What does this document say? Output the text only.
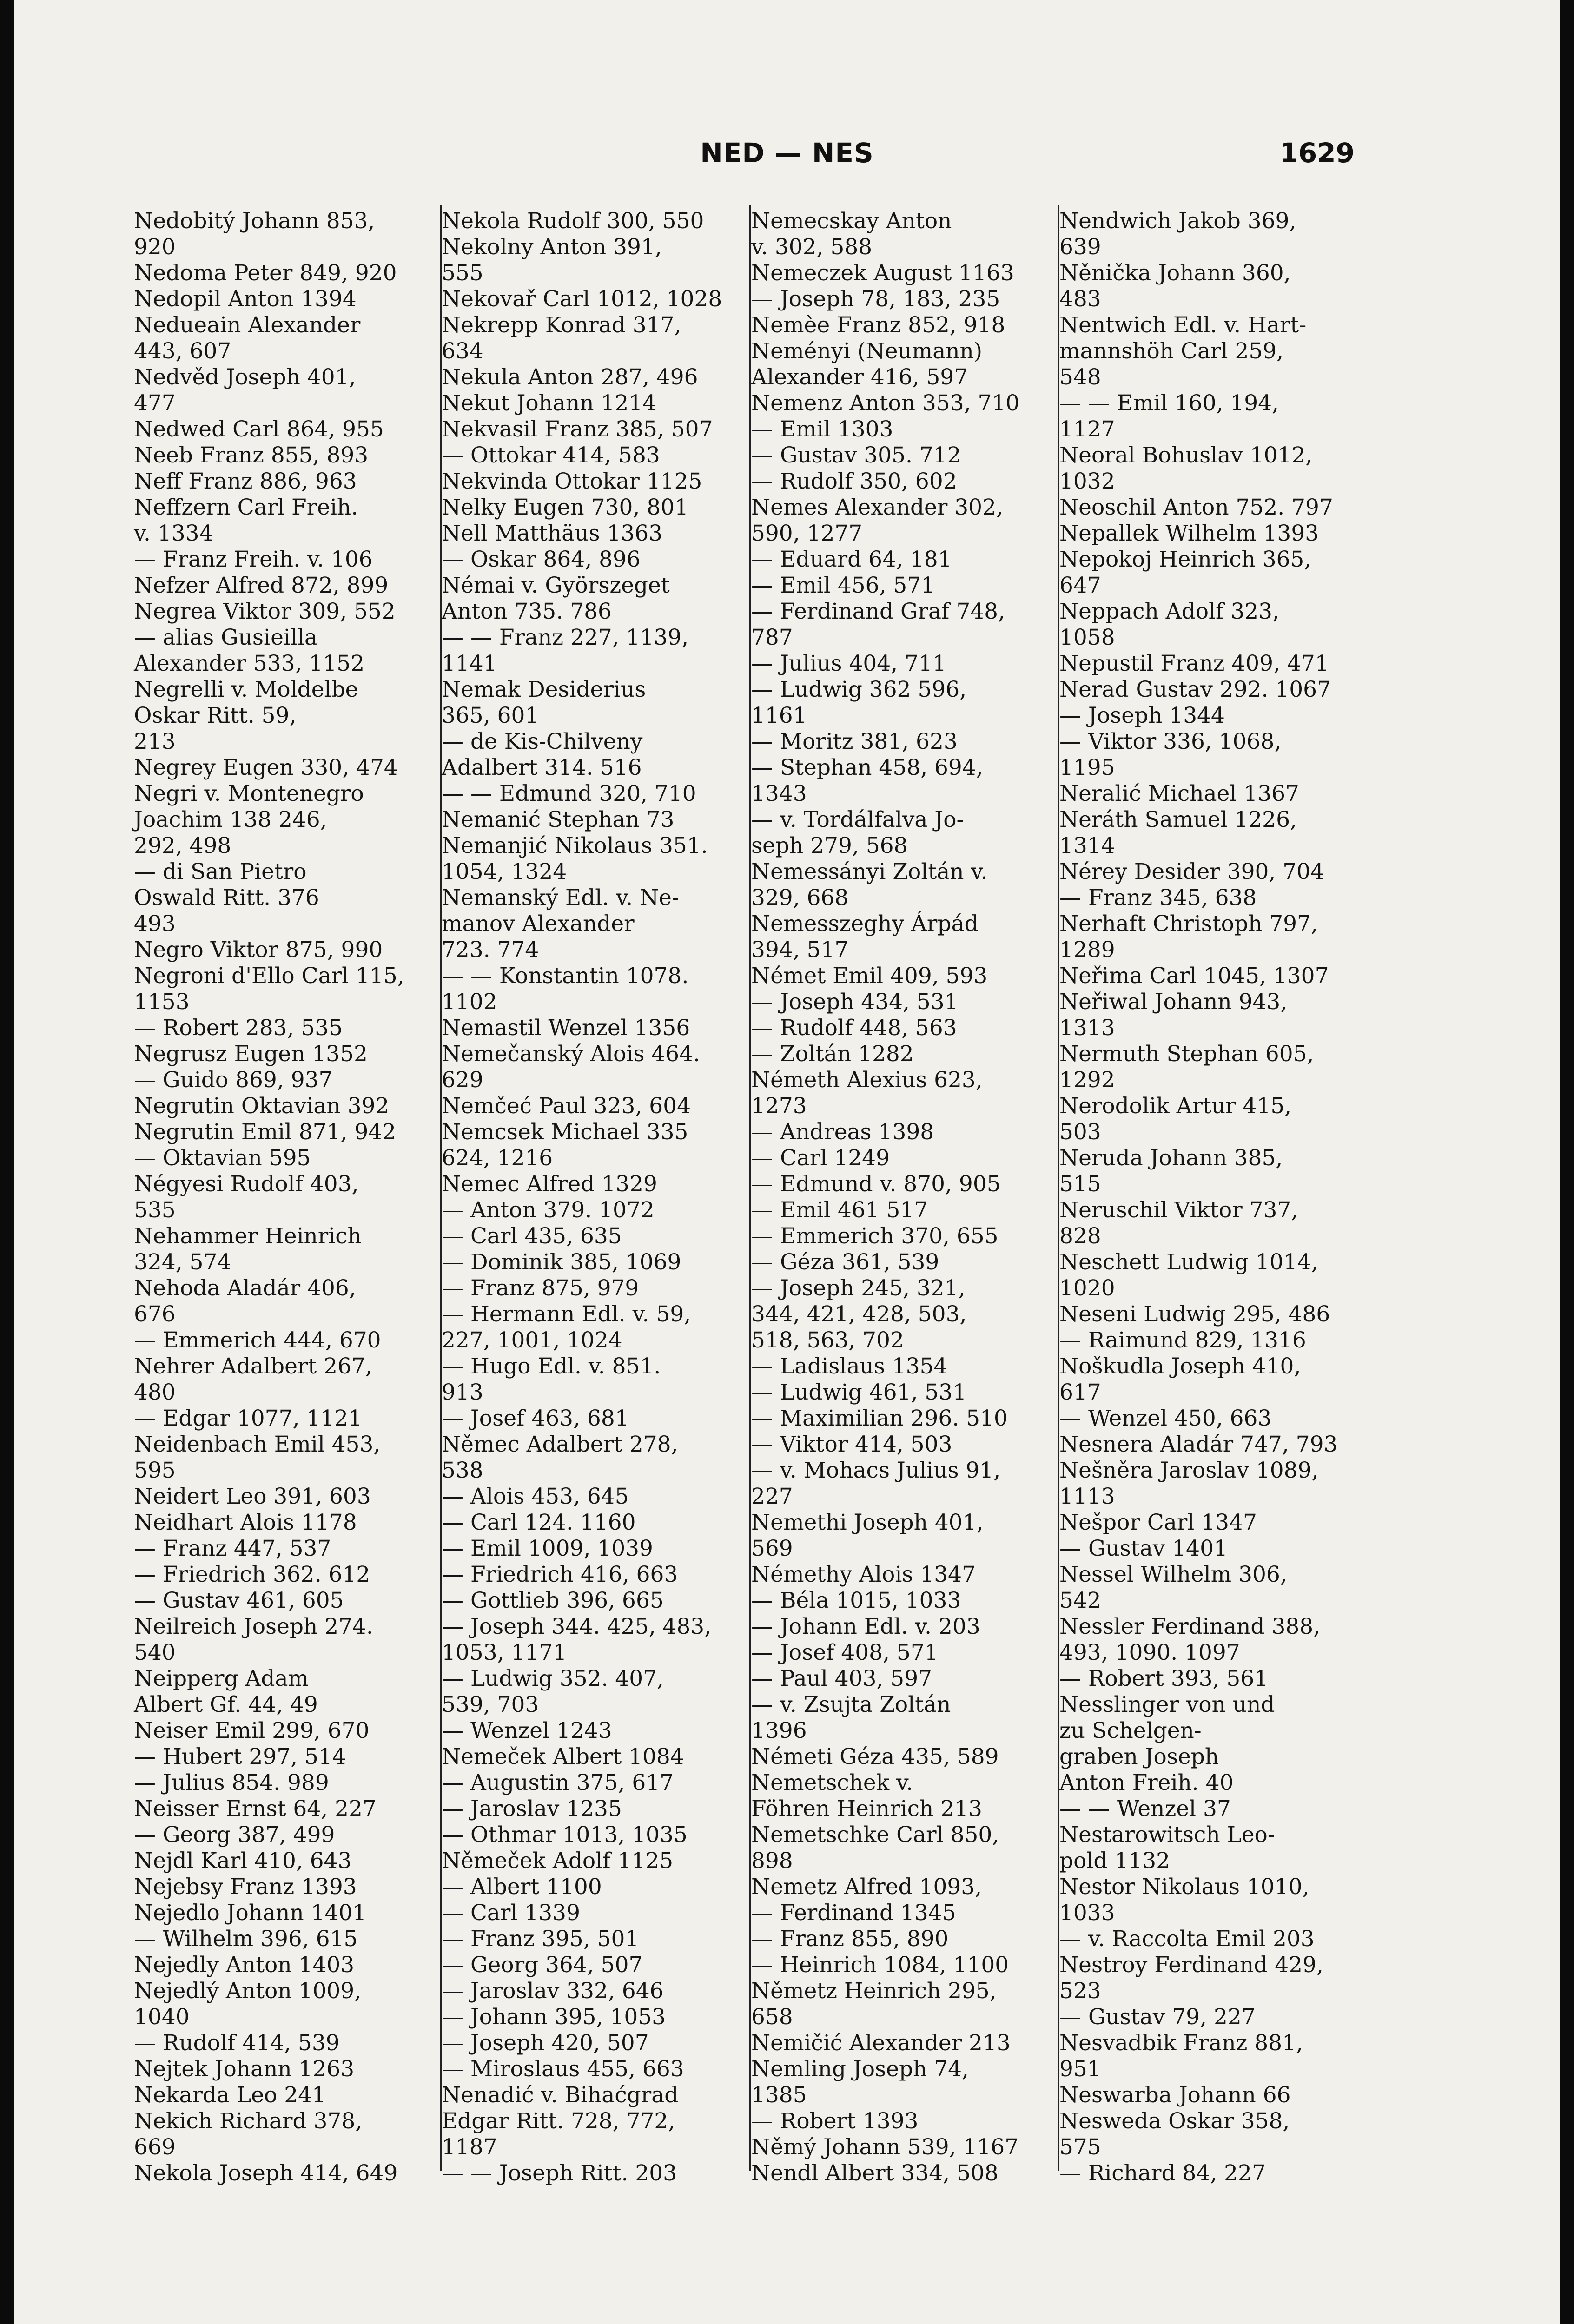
NED — NES	1629
Nedobitý Johann 853,
920
Nedoma Peter 849, 920
Nedopil Anton 1394
Nedueain Alexander
443, 607
Nedvěd Joseph 401,
477
Nedwed Carl 864, 955
Neeb Franz 855, 893
Neff Franz 886, 963
Neffzern Carl Freih.
v. 1334
— Franz Freih. v. 106
Nefzer Alfred 872, 899
Negrea Viktor 309, 552
— alias Gusieilla
Alexander 533, 1152
Negrelli v. Moldelbe
Oskar Ritt. 59,
213
Negrey Eugen 330, 474
Negri v. Montenegro
Joachim 138 246,
292, 498
— di San Pietro
Oswald Ritt. 376
493
Negro Viktor 875, 990
Negroni d'Ello Carl 115,
1153
— Robert 283, 535
Negrusz Eugen 1352
— Guido 869, 937
Negrutin Oktavian 392
Negrutin Emil 871, 942
— Oktavian 595
Négyesi Rudolf 403,
535
Nehammer Heinrich
324, 574
Nehoda Aladár 406,
676
— Emmerich 444, 670
Nehrer Adalbert 267,
480
— Edgar 1077, 1121
Neidenbach Emil 453,
595
Neidert Leo 391, 603
Neidhart Alois 1178
— Franz 447, 537
— Friedrich 362. 612
— Gustav 461, 605
Neilreich Joseph 274.
540
Neipperg Adam
Albert Gf. 44, 49
Neiser Emil 299, 670
— Hubert 297, 514
— Julius 854. 989
Neisser Ernst 64, 227
— Georg 387, 499
Nejdl Karl 410, 643
Nejebsy Franz 1393
Nejedlo Johann 1401
— Wilhelm 396, 615
Nejedly Anton 1403
Nejedlý Anton 1009,
1040
— Rudolf 414, 539
Nejtek Johann 1263
Nekarda Leo 241
Nekich Richard 378,
669
Nekola Joseph 414, 649
Nekola Rudolf 300, 550
Nekolny Anton 391,
555
Nekovař Carl 1012, 1028
Nekrepp Konrad 317,
634
Nekula Anton 287, 496
Nekut Johann 1214
Nekvasil Franz 385, 507
— Ottokar 414, 583
Nekvinda Ottokar 1125
Nelky Eugen 730, 801
Nell Matthäus 1363
— Oskar 864, 896
Némai v. Györszeget
Anton 735. 786
— — Franz 227, 1139,
1141
Nemak Desiderius
365, 601
— de Kis-Chilveny
Adalbert 314. 516
— — Edmund 320, 710
Nemanić Stephan 73
Nemanjić Nikolaus 351.
1054, 1324
Nemanský Edl. v. Ne-
manov Alexander
723. 774
— — Konstantin 1078.
1102
Nemastil Wenzel 1356
Nemečanský Alois 464.
629
Nemčeć Paul 323, 604
Nemcsek Michael 335
624, 1216
Nemec Alfred 1329
— Anton 379. 1072
— Carl 435, 635
— Dominik 385, 1069
— Franz 875, 979
— Hermann Edl. v. 59,
227, 1001, 1024
— Hugo Edl. v. 851.
913
— Josef 463, 681
Němec Adalbert 278,
538
— Alois 453, 645
— Carl 124. 1160
— Emil 1009, 1039
— Friedrich 416, 663
— Gottlieb 396, 665
— Joseph 344. 425, 483,
1053, 1171
— Ludwig 352. 407,
539, 703
— Wenzel 1243
Nemeček Albert 1084
— Augustin 375, 617
— Jaroslav 1235
— Othmar 1013, 1035
Němeček Adolf 1125
— Albert 1100
— Carl 1339
— Franz 395, 501
— Georg 364, 507
— Jaroslav 332, 646
— Johann 395, 1053
— Joseph 420, 507
— Miroslaus 455, 663
Nenadić v. Bihaćgrad
Edgar Ritt. 728, 772,
1187
— — Joseph Ritt. 203
Nemecskay Anton
v. 302, 588
Nemeczek August 1163
— Joseph 78, 183, 235
Nemèe Franz 852, 918
Neményi (Neumann)
Alexander 416, 597
Nemenz Anton 353, 710
— Emil 1303
— Gustav 305. 712
— Rudolf 350, 602
Nemes Alexander 302,
590, 1277
— Eduard 64, 181
— Emil 456, 571
— Ferdinand Graf 748,
787
— Julius 404, 711
— Ludwig 362 596,
1161
— Moritz 381, 623
— Stephan 458, 694,
1343
— v. Tordálfalva Jo-
seph 279, 568
Nemessányi Zoltán v.
329, 668
Nemesszeghy Árpád
394, 517
Német Emil 409, 593
— Joseph 434, 531
— Rudolf 448, 563
— Zoltán 1282
Németh Alexius 623,
1273
— Andreas 1398
— Carl 1249
— Edmund v. 870, 905
— Emil 461 517
— Emmerich 370, 655
— Géza 361, 539
— Joseph 245, 321,
344, 421, 428, 503,
518, 563, 702
— Ladislaus 1354
— Ludwig 461, 531
— Maximilian 296. 510
— Viktor 414, 503
— v. Mohacs Julius 91,
227
Nemethi Joseph 401,
569
Némethy Alois 1347
— Béla 1015, 1033
— Johann Edl. v. 203
— Josef 408, 571
— Paul 403, 597
— v. Zsujta Zoltán
1396
Németi Géza 435, 589
Nemetschek v.
Föhren Heinrich 213
Nemetschke Carl 850,
898
Nemetz Alfred 1093,
— Ferdinand 1345
— Franz 855, 890
— Heinrich 1084, 1100
Němetz Heinrich 295,
658
Nemičić Alexander 213
Nemling Joseph 74,
1385
— Robert 1393
Němý Johann 539, 1167
Nendl Albert 334, 508
Nendwich Jakob 369,
639
Něnička Johann 360,
483
Nentwich Edl. v. Hart-
mannshöh Carl 259,
548
— — Emil 160, 194,
1127
Neoral Bohuslav 1012,
1032
Neoschil Anton 752. 797
Nepallek Wilhelm 1393
Nepokoj Heinrich 365,
647
Neppach Adolf 323,
1058
Nepustil Franz 409, 471
Nerad Gustav 292. 1067
— Joseph 1344
— Viktor 336, 1068,
1195
Neralić Michael 1367
Neráth Samuel 1226,
1314
Nérey Desider 390, 704
— Franz 345, 638
Nerhaft Christoph 797,
1289
Neřima Carl 1045, 1307
Neřiwal Johann 943,
1313
Nermuth Stephan 605,
1292
Nerodolik Artur 415,
503
Neruda Johann 385,
515
Neruschil Viktor 737,
828
Neschett Ludwig 1014,
1020
Neseni Ludwig 295, 486
— Raimund 829, 1316
Noškudla Joseph 410,
617
— Wenzel 450, 663
Nesnera Aladár 747, 793
Nešněra Jaroslav 1089,
1113
Nešpor Carl 1347
— Gustav 1401
Nessel Wilhelm 306,
542
Nessler Ferdinand 388,
493, 1090. 1097
— Robert 393, 561
Nesslinger von und
zu Schelgen-
graben Joseph
Anton Freih. 40
— — Wenzel 37
Nestarowitsch Leo-
pold 1132
Nestor Nikolaus 1010,
1033
— v. Raccolta Emil 203
Nestroy Ferdinand 429,
523
— Gustav 79, 227
Nesvadbik Franz 881,
951
Neswarba Johann 66
Nesweda Oskar 358,
575
— Richard 84, 227
